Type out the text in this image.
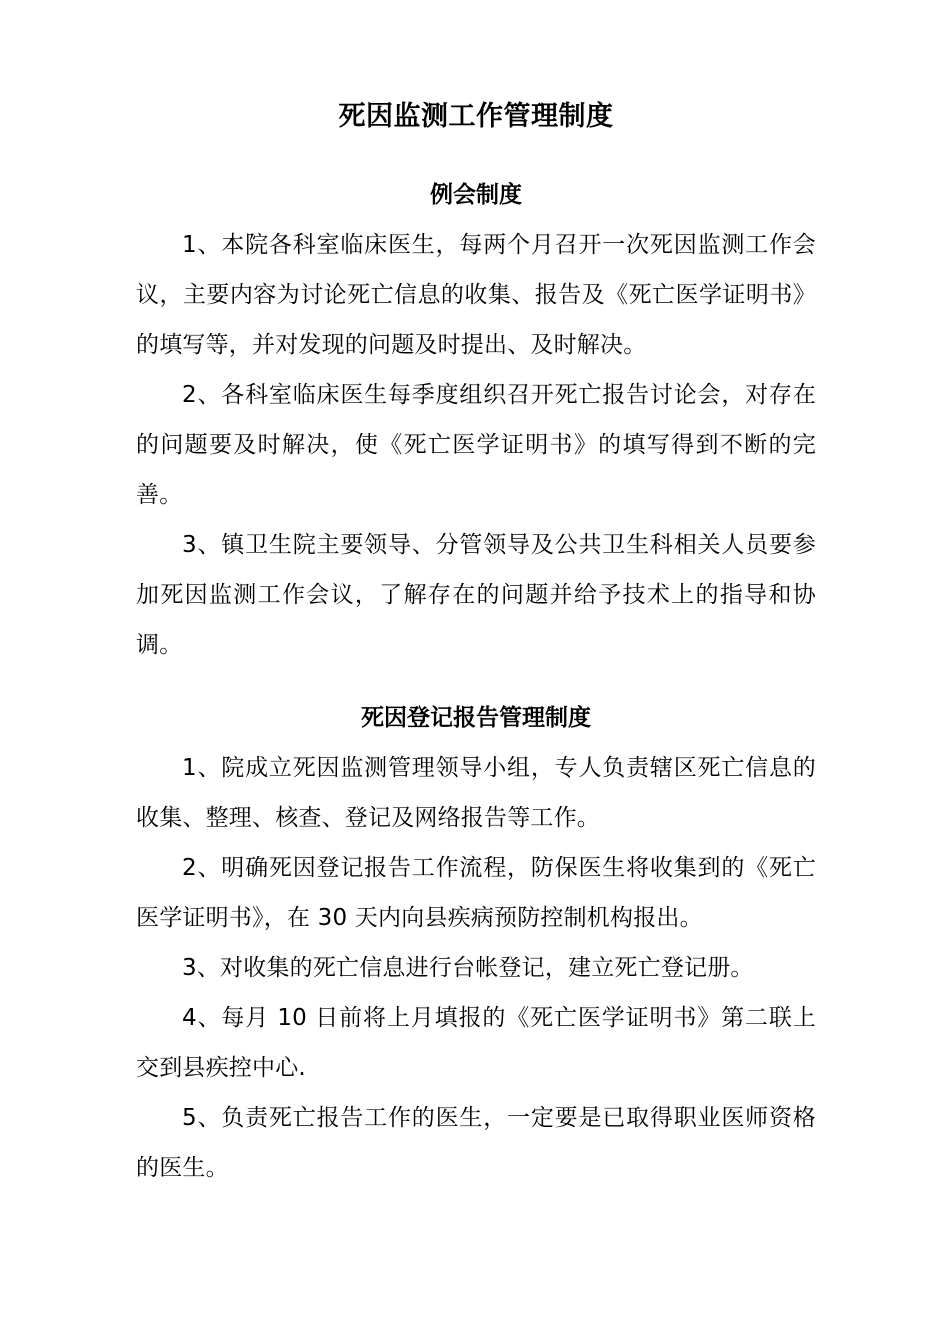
死因监测工作管理制度
例会制度

1、本院各科室临床医生，每两个月召开一次死因监测工作会议，主要内容为讨论死亡信息的收集、报告及《死亡医学证明书》的填写等，并对发现的问题及时提出、及时解决。

2、各科室临床医生每季度组织召开死亡报告讨论会，对存在的问题要及时解决，使《死亡医学证明书》的填写得到不断的完善。

3、镇卫生院主要领导、分管领导及公共卫生科相关人员要参加死因监测工作会议，了解存在的问题并给予技术上的指导和协调。

死因登记报告管理制度

1、院成立死因监测管理领导小组，专人负责辖区死亡信息的收集、整理、核查、登记及网络报告等工作。

2、明确死因登记报告工作流程，防保医生将收集到的《死亡医学证明书》，在 30 天内向县疾病预防控制机构报出。

3、对收集的死亡信息进行台帐登记，建立死亡登记册。

4、每月 10 日前将上月填报的《死亡医学证明书》第二联上交到县疾控中心.

5、负责死亡报告工作的医生，一定要是已取得职业医师资格的医生。
